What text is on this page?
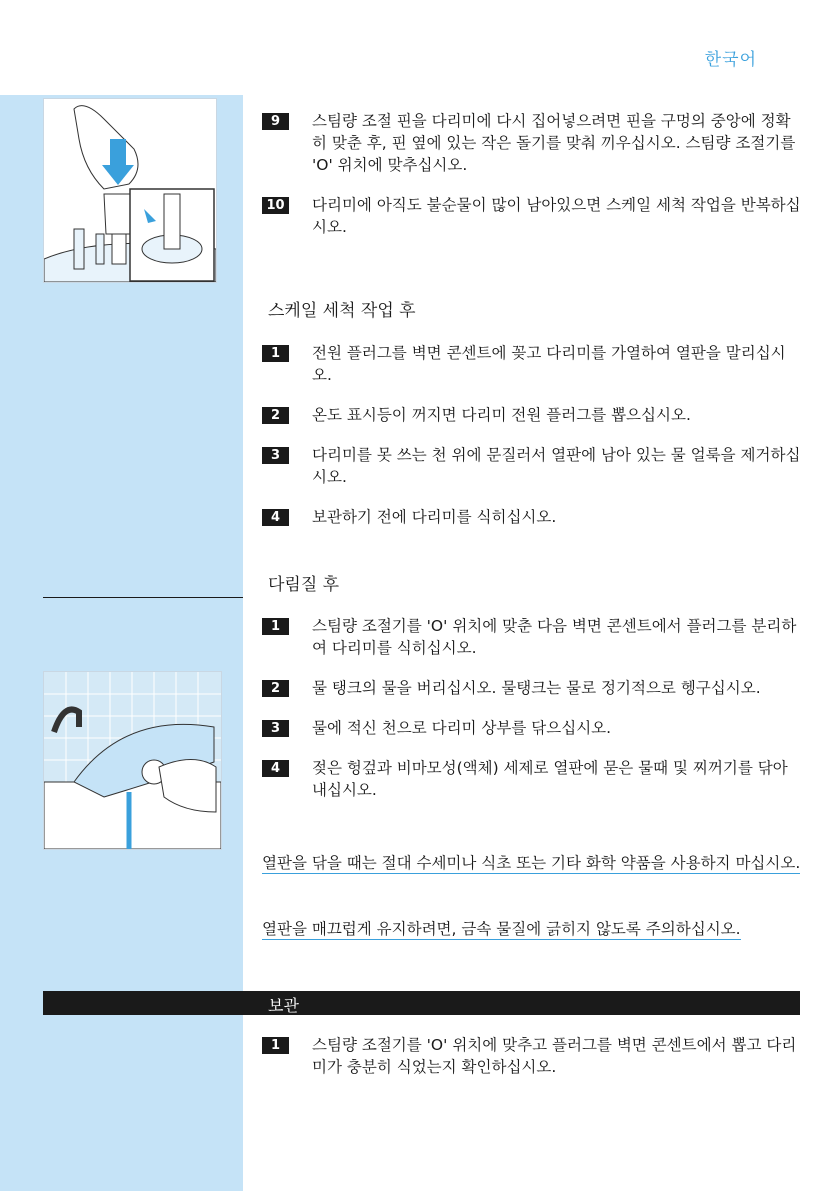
한국어
9	스팀량 조절 핀을 다리미에 다시 집어넣으려면 핀을 구멍의 중앙에 정확히 맞춘 후, 핀 옆에 있는 작은 돌기를 맞춰 끼우십시오. 스팀량 조절기를 'O' 위치에 맞추십시오.
10 다리미에 아직도 불순물이 많이 남아있으면 스케일 세척 작업을 반복하십시오.
스케일 세척 작업 후
1	전원 플러그를 벽면 콘센트에 꽂고 다리미를 가열하여 열판을 말리십시오.
2	온도 표시등이 꺼지면 다리미 전원 플러그를 뽑으십시오.
3	다리미를 못 쓰는 천 위에 문질러서 열판에 남아 있는 물 얼룩을 제거하십시오.
4	보관하기 전에 다리미를 식히십시오.
다림질 후
1	스팀량 조절기를 'O' 위치에 맞춘 다음 벽면 콘센트에서 플러그를 분리하여 다리미를 식히십시오.
2	물 탱크의 물을 버리십시오. 물탱크는 물로 정기적으로 헹구십시오.
3	물에 적신 천으로 다리미 상부를 닦으십시오.
4	젖은 헝겊과 비마모성(액체) 세제로 열판에 묻은 물때 및 찌꺼기를 닦아 내십시오.
열판을 닦을 때는 절대 수세미나 식초 또는 기타 화학 약품을 사용하지 마십시오.
열판을 매끄럽게 유지하려면, 금속 물질에 긁히지 않도록 주의하십시오.
보관
1	스팀량 조절기를 'O' 위치에 맞추고 플러그를 벽면 콘센트에서 뽑고 다리미가 충분히 식었는지 확인하십시오.
